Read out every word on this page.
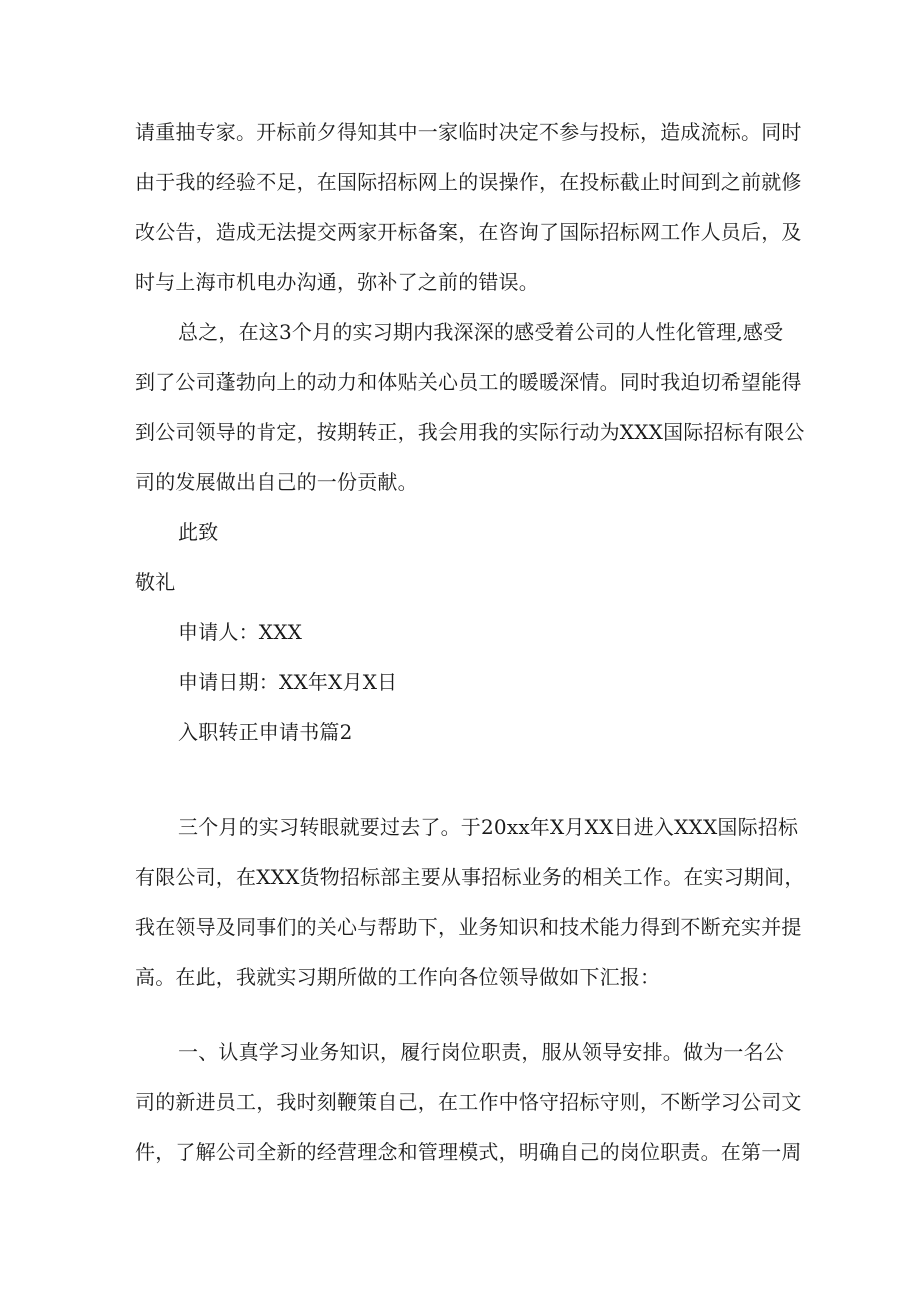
请重抽专家。开标前夕得知其中一家临时决定不参与投标，造成流标。同时
由于我的经验不足，在国际招标网上的误操作，在投标截止时间到之前就修
改公告，造成无法提交两家开标备案，在咨询了国际招标网工作人员后，及
时与上海市机电办沟通，弥补了之前的错误。
总之，在这3个月的实习期内我深深的感受着公司的人性化管理,感受
到了公司蓬勃向上的动力和体贴关心员工的暖暖深情。同时我迫切希望能得
到公司领导的肯定，按期转正，我会用我的实际行动为XXX国际招标有限公
司的发展做出自己的一份贡献。
此致
敬礼
申请人：XXX
申请日期：XX年X月X日
入职转正申请书篇2
三个月的实习转眼就要过去了。于20xx年X月XX日进入XXX国际招标
有限公司，在XXX货物招标部主要从事招标业务的相关工作。在实习期间，
我在领导及同事们的关心与帮助下，业务知识和技术能力得到不断充实并提
高。在此，我就实习期所做的工作向各位领导做如下汇报：
一、认真学习业务知识，履行岗位职责，服从领导安排。做为一名公
司的新进员工，我时刻鞭策自己，在工作中恪守招标守则，不断学习公司文
件，了解公司全新的经营理念和管理模式，明确自己的岗位职责。在第一周
